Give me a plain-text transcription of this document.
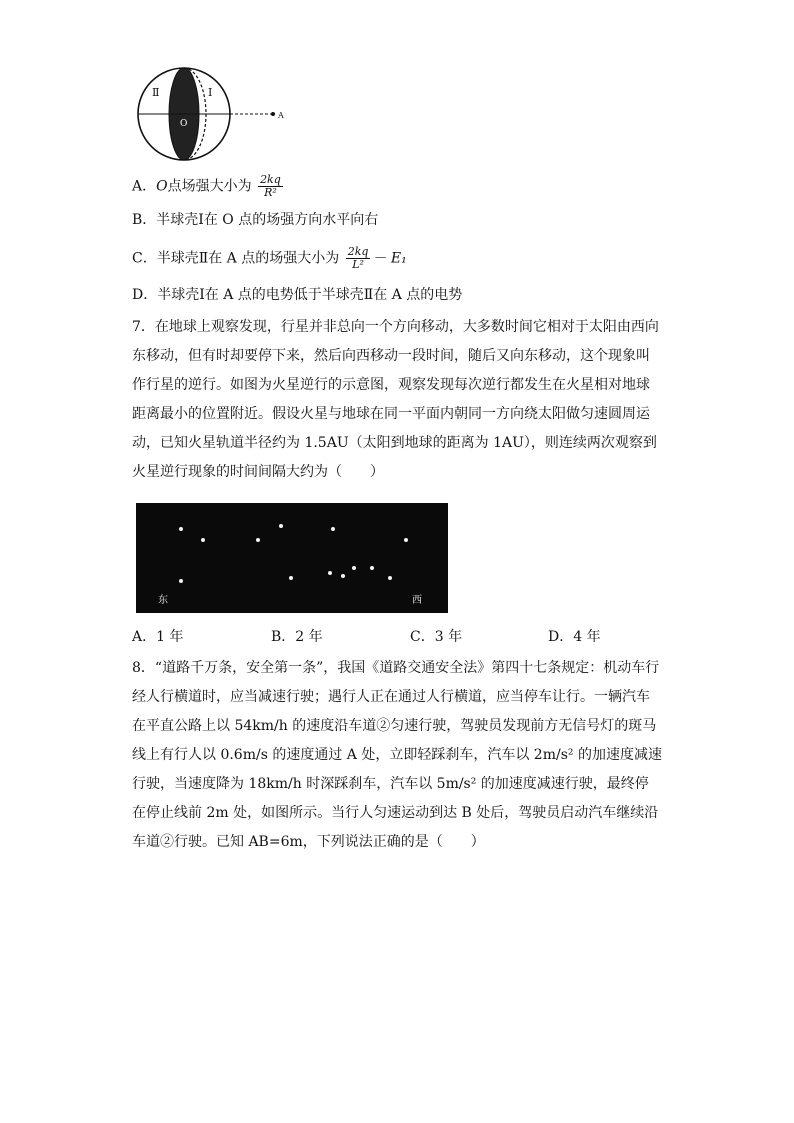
Ⅱ	Ⅰ
O
A
A．O点场强大小为 $\frac{2kq}{\text{R²}}$
B．半球壳Ⅰ在 O 点的场强方向水平向右
C．半球壳Ⅱ在 A 点的场强大小为 $\frac{2kq}{\text{L²}} - E_1$
D．半球壳Ⅰ在 A 点的电势低于半球壳Ⅱ在 A 点的电势
7．在地球上观察发现，行星并非总向一个方向移动，大多数时间它相对于太阳由西向东移动，但有时却要停下来，然后向西移动一段时间，随后又向东移动，这个现象叫作行星的逆行。如图为火星逆行的示意图，观察发现每次逆行都发生在火星相对地球距离最小的位置附近。假设火星与地球在同一平面内朝同一方向绕太阳做匀速圆周运动，已知火星轨道半径约为 1.5AU（太阳到地球的距离为 1AU），则连续两次观察到火星逆行现象的时间间隔大约为（　　）
东	西
A．1 年	B．2 年	C．3 年	D．4 年
8．“道路千万条，安全第一条”，我国《道路交通安全法》第四十七条规定：机动车行经人行横道时，应当减速行驶；遇行人正在通过人行横道，应当停车让行。一辆汽车在平直公路上以 54km/h 的速度沿车道②匀速行驶，驾驶员发现前方无信号灯的斑马线上有行人以 0.6m/s 的速度通过 A 处，立即轻踩刹车，汽车以 2m/s² 的加速度减速行驶，当速度降为 18km/h 时深踩刹车，汽车以 5m/s² 的加速度减速行驶，最终停在停止线前 2m 处，如图所示。当行人匀速运动到达 B 处后，驾驶员启动汽车继续沿车道②行驶。已知 AB=6m，下列说法正确的是（　　）
